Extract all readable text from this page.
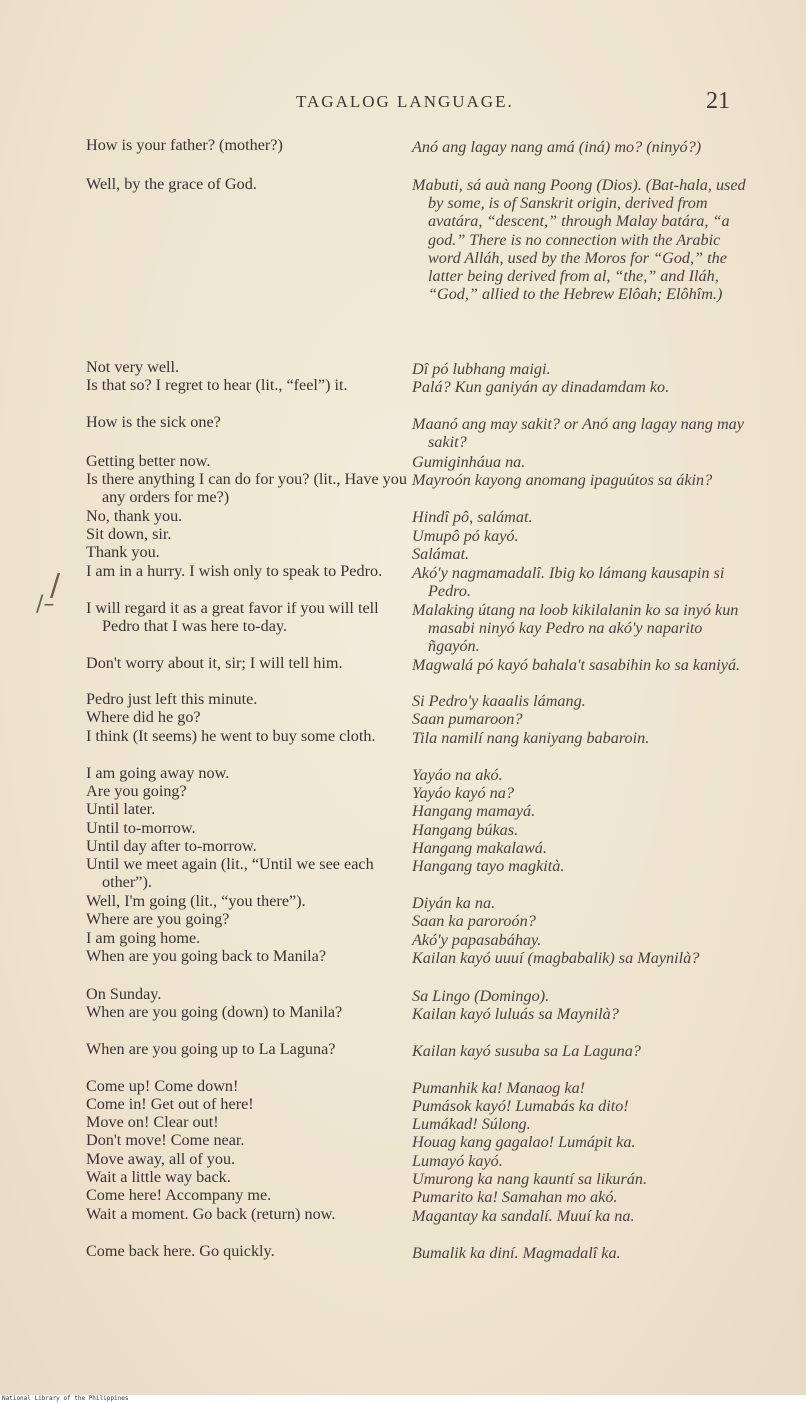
TAGALOG LANGUAGE.	21
/
/–
How is your father? (mother?)
Well, by the grace of God.
Not very well.
Is that so? I regret to hear (lit., “feel”) it.
How is the sick one?
Getting better now.
Is there anything I can do for you? (lit., Have you any orders for me?)
No, thank you.
Sit down, sir.
Thank you.
I am in a hurry. I wish only to speak to Pedro.
I will regard it as a great favor if you will tell Pedro that I was here to-day.
Don't worry about it, sir; I will tell him.
Pedro just left this minute.
Where did he go?
I think (It seems) he went to buy some cloth.
I am going away now.
Are you going?
Until later.
Until to-morrow.
Until day after to-morrow.
Until we meet again (lit., “Until we see each other”).
Well, I'm going (lit., “you there”).
Where are you going?
I am going home.
When are you going back to Manila?
On Sunday.
When are you going (down) to Manila?
When are you going up to La Laguna?
Come up! Come down!
Come in! Get out of here!
Move on! Clear out!
Don't move! Come near.
Move away, all of you.
Wait a little way back.
Come here! Accompany me.
Wait a moment. Go back (return) now.
Come back here. Go quickly.
Anó ang lagay nang amá (iná) mo? (ninyó?)
Mabuti, sá auà nang Poong (Dios). (Bat-hala, used by some, is of Sanskrit origin, derived from avatára, “descent,” through Malay batára, “a god.” There is no connection with the Arabic word Alláh, used by the Moros for “God,” the latter being derived from al, “the,” and Iláh, “God,” allied to the Hebrew Elôah; Elôhîm.)
Dî pó lubhang maigi.
Palá? Kun ganiyán ay dinadamdam ko.
Maanó ang may sakit? or Anó ang lagay nang may sakit?
Gumiginháua na.
Mayroón kayong anomang ipaguútos sa ákin?
Hindî pô, salámat.
Umupô pó kayó.
Salámat.
Akó'y nagmamadalî. Ibig ko lámang kausapin si Pedro.
Malaking útang na loob kikilalanin ko sa inyó kun masabi ninyó kay Pedro na akó'y naparito ñgayón.
Magwalá pó kayó bahala't sasabihin ko sa kaniyá.
Si Pedro'y kaaalis lámang.
Saan pumaroon?
Tila namilí nang kaniyang babaroin.
Yayáo na akó.
Yayáo kayó na?
Hangang mamayá.
Hangang búkas.
Hangang makalawá.
Hangang tayo magkità.
Diyán ka na.
Saan ka paroroón?
Akó'y papasabáhay.
Kailan kayó uuuí (magbabalik) sa Maynilà?
Sa Lingo (Domingo).
Kailan kayó luluás sa Maynilà?
Kailan kayó susuba sa La Laguna?
Pumanhik ka! Manaog ka!
Pumások kayó! Lumabás ka dito!
Lumákad! Súlong.
Houag kang gagalao! Lumápit ka.
Lumayó kayó.
Umurong ka nang kauntí sa likurán.
Pumarito ka! Samahan mo akó.
Magantay ka sandalí. Muuí ka na.
Bumalik ka diní. Magmadalî ka.
National Library of the Philippines
